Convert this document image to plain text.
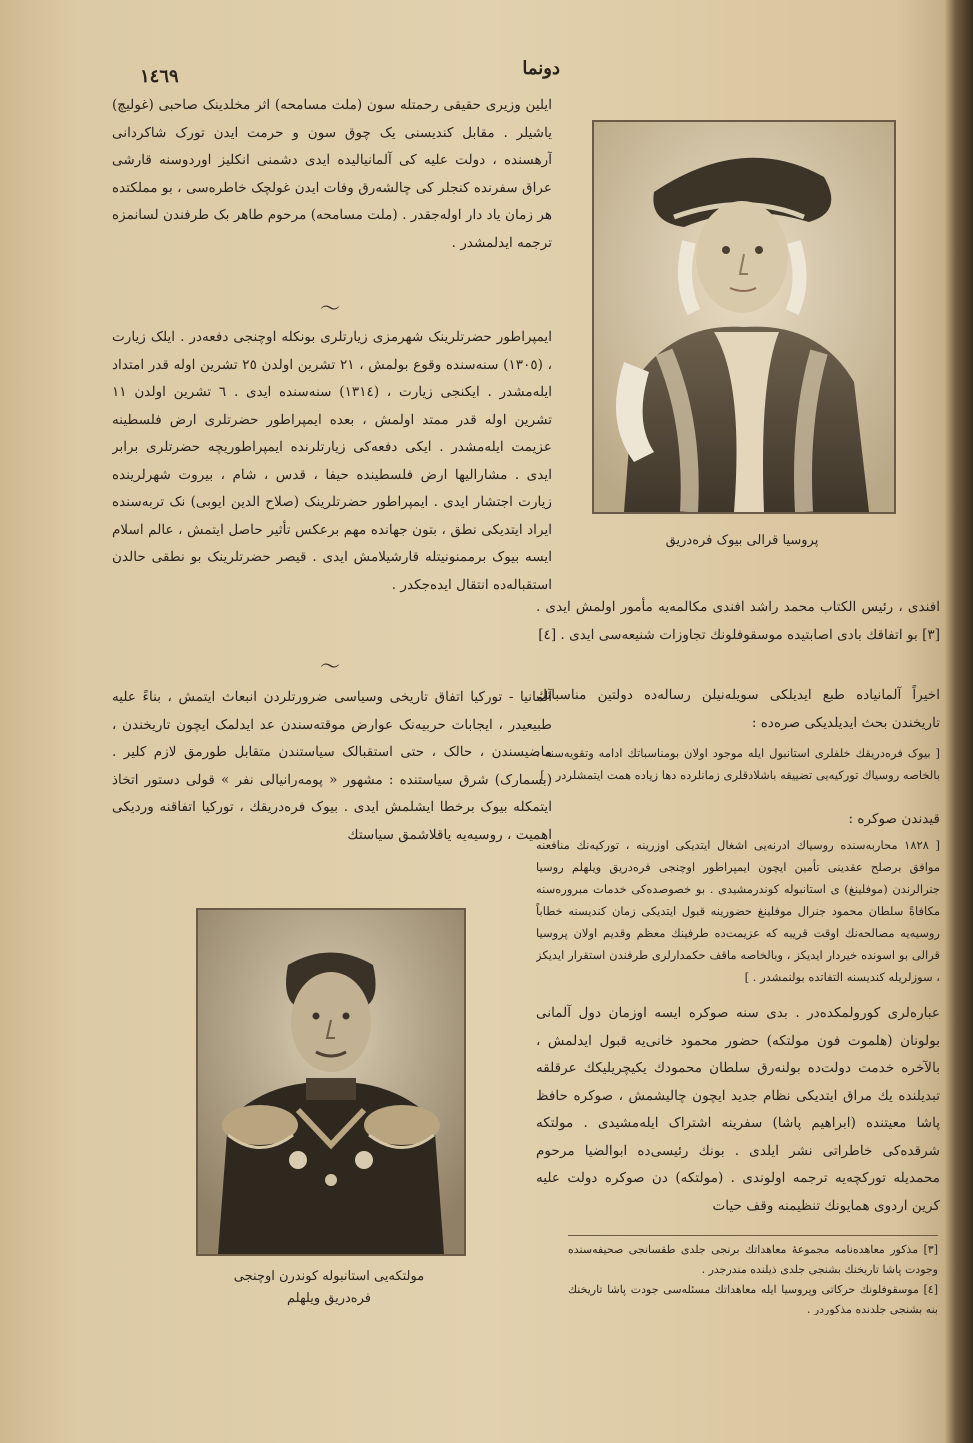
١٤٦٩	دونما

ایلین وزیری حقیقی رحمتله سون (ملت مسامحه) اثر مخلدینک صاحبی (غولیچ) یاشیلر . مقابل کندیسنی یک چوق سون و حرمت ایدن تورک شاکردانی آرهسنده ، دولت علیه کی آلمانیالیده ایدی دشمنی انکلیز اوردوسنه قارشی عراق سفرنده کنجلر کی چالشه‌رق وفات ایدن غولچک خاطره‌سی ، بو مملکتده هر زمان یاد دار اوله‌جقدر . (ملت مسامحه) مرحوم طاهر بک طرفندن لسانمزه ترجمه ایدلمشدر .

～

ایمپراطور حضرتلرینک شهرمزی زیارتلری بونکله اوچنجی دفعه‌در . ایلک زیارت ، (١٣٠٥) سنه‌سنده وقوع بولمش ، ٢١ تشرین اولدن ٢٥ تشرین اوله قدر امتداد ایله‌مشدر . ایکنجی زیارت ، (١٣١٤) سنه‌سنده ایدی . ٦ تشرین اولدن ١١ تشرین اوله قدر ممتد اولمش ، بعده ایمپراطور حضرتلری ارض فلسطینه عزیمت ایله‌مشدر . ایکی دفعه‌کی زیارتلرنده ایمپراطوریچه حضرتلری برابر ایدی . مشارالیها ارض فلسطینده حیفا ، قدس ، شام ، بیروت شهرلرینده زیارت اجتشار ایدی . ایمپراطور حضرتلرینک (صلاح الدین ایوبی) نک تربه‌سنده ایراد ایتدیکی نطق ، بتون جهانده مهم برعکس تأثیر حاصل ایتمش ، عالم اسلام ایسه بیوک برممنونیتله قارشیلامش ایدی . قیصر حضرتلرینک بو نطقی حالدن استقباله‌ده انتقال ایده‌جکدر .

～

آلمانیا - تورکیا اتفاق تاریخی وسیاسی ضرورتلردن انبعاث ایتمش ، بناءً علیه طبیعیدر ، ایجابات حربیه‌نک عوارض موقته‌سندن عد ایدلمک ایچون تاریخندن ، ماضیسندن ، حالک ، حتی استقبالک سیاستندن متقابل طورمق لازم کلیر . (بسمارک) شرق سیاستنده : مشهور « پومه‌رانیالی نفر » قولی دستور اتخاذ ایتمکله بیوک برخطا ایشلمش ایدی . بیوک فره‌دریقك ، تورکیا اتفاقنه وردیکی اهمیت ، روسیه‌یه یاقلاشمق سیاستك

پروسیا قرالی بیوک فره‌دریق

افندی ، رئیس الکتاب محمد راشد افندی مکالمه‌یه مأمور اولمش ایدی . [٣] بو اتفاقك بادی اصابتیده موسقوفلونك تجاوزات شنیعه‌سی ایدی . [٤]

اخیراً آلمانیاده طبع ایدیلکی سویله‌نیلن رساله‌ده دولتین مناسباتك تاریخندن بحث ایدیلدیکی صره‌ده :

[ بیوک فره‌دریقك خلفلری استانبول ایله موجود اولان بومناسباتك ادامه وتقویه‌سنه ، بالخاصه روسیاك تورکیه‌یی تضییقه باشلادقلری زمانلرده دها زیاده همت ایتمشلردر . ]

قیدندن صوکره :

[ ١٨٢٨ محاربه‌سنده روسیاك ادرنه‌یی اشغال ایتدیکی اوزرینه ، تورکیه‌نك منافعنه موافق برصلح عقدینی تأمین ایچون ایمپراطور اوچنجی فره‌دریق ویلهلم روسیا جنرالرندن (موفلینغ) ی استانبوله کوندرمشیدی . بو خصوصده‌کی خدمات مبروره‌سنه مکافاةً سلطان محمود جنرال موفلینغ حضورینه قبول ایتدیکی زمان کندیسنه خطاباً روسیه‌یه مصالحه‌نك اوقت قریبه که عزیمت‌ده طرفینك معظم وقدیم اولان پروسیا قرالی بو اسونده خیردار ایدیکز ، وبالخاصه ماقف حکمدارلری طرفندن استقرار ایدیکز ، سوزلریله کندیسنه التفاتده بولنمشدر . ]

عباره‌لری کورولمکده‌در . بدی سنه صوکره ایسه اوزمان دول آلمانی بولونان (هلموت فون مولتکه) حضور محمود خانی‌یه قبول ایدلمش ، بالآخره خدمت دولت‌ده بولنه‌رق سلطان محمودك یکیچریلیکك عرقلقه تبدیلنده یك مراق ایتدیکی نظام جدید ایچون چالیشمش ، صوکره حافظ پاشا معیتنده (ابراهیم پاشا) سفرینه اشتراک ایله‌مشیدی . مولتکه شرقده‌کی خاطراتی نشر ایلدی . بونك رئیسی‌ده ابوالضیا مرحوم محمدیله تورکچه‌یه ترجمه اولوندی . (مولتکه) دن صوکره دولت علیه کرین اردوی همایونك تنظیمنه وقف حیات

[٣] مذکور معاهده‌نامه مجموعهٔ معاهداتك برنجی جلدی طقسانجی صحیفه‌سنده وجودت پاشا تاریخنك بشنجی جلدی ذیلنده مندرجدر .

[٤] موسقوفلونك حرکاتی وپروسیا ایله معاهداتك مسئله‌سی جودت پاشا تاریخنك بنه بشنجی جلدنده مذکوردر .

مولتکه‌یی استانبوله کوندرن اوچنجی
فره‌دریق ویلهلم
